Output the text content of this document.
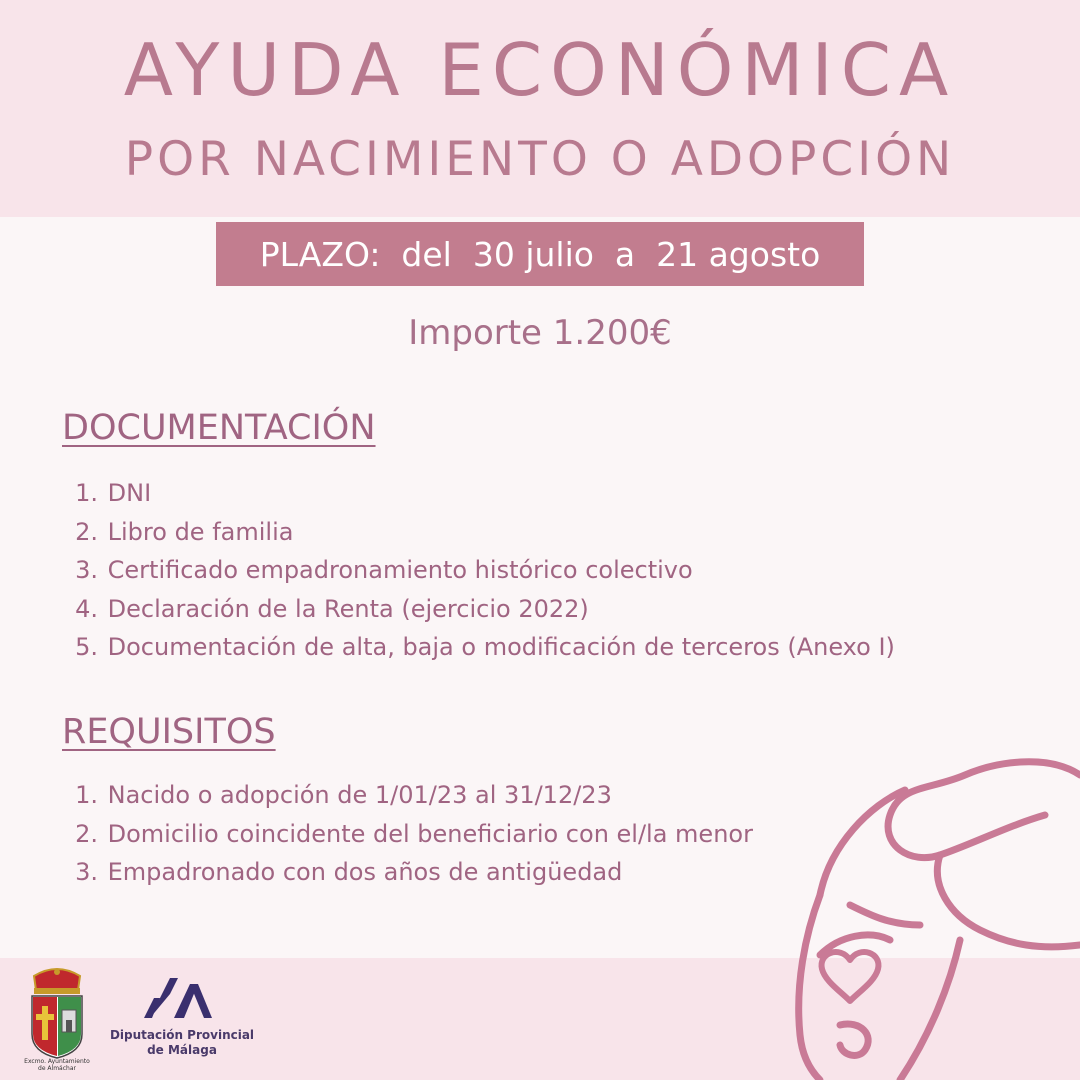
AYUDA ECONÓMICA
POR NACIMIENTO O ADOPCIÓN
PLAZO:  del  30 julio  a  21 agosto
Importe 1.200€
DOCUMENTACIÓN
1. DNI
2. Libro de familia
3. Certificado empadronamiento histórico colectivo
4. Declaración de la Renta (ejercicio 2022)
5. Documentación de alta, baja o modificación de terceros (Anexo I)
REQUISITOS
1. Nacido o adopción de 1/01/23 al 31/12/23
2. Domicilio coincidente del beneficiario con el/la menor
3. Empadronado con dos años de antigüedad
Excmo. Ayuntamiento
de Almáchar
Diputación Provincial
de Málaga
